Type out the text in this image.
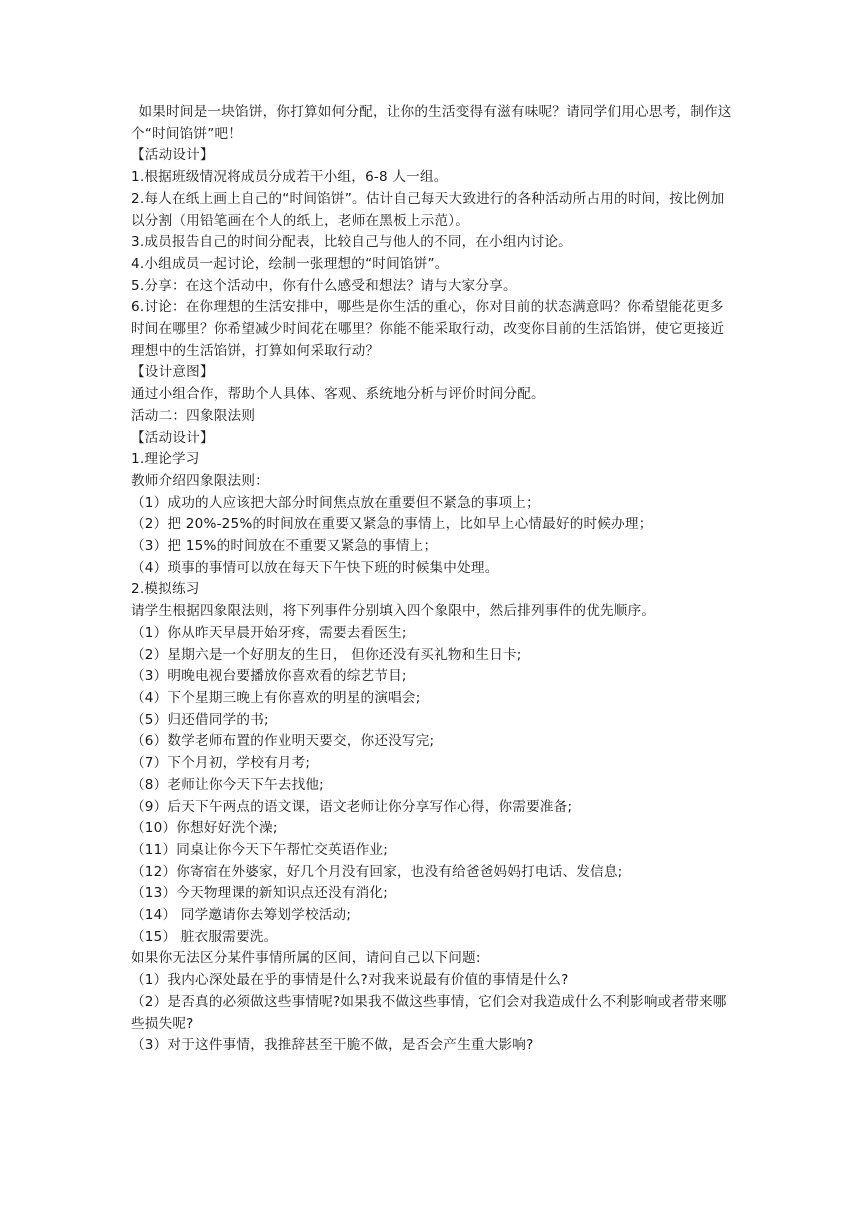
如果时间是一块馅饼，你打算如何分配，让你的生活变得有滋有味呢？请同学们用心思考，制作这个“时间馅饼”吧！

【活动设计】

1.根据班级情况将成员分成若干小组，6-8 人一组。

2.每人在纸上画上自己的“时间馅饼”。估计自己每天大致进行的各种活动所占用的时间，按比例加以分割（用铅笔画在个人的纸上，老师在黑板上示范）。

3.成员报告自己的时间分配表，比较自己与他人的不同，在小组内讨论。

4.小组成员一起讨论，绘制一张理想的“时间馅饼”。

5.分享：在这个活动中，你有什么感受和想法？请与大家分享。

6.讨论：在你理想的生活安排中，哪些是你生活的重心，你对目前的状态满意吗？你希望能花更多时间在哪里？你希望减少时间花在哪里？你能不能采取行动，改变你目前的生活馅饼，使它更接近理想中的生活馅饼，打算如何采取行动？

【设计意图】

通过小组合作，帮助个人具体、客观、系统地分析与评价时间分配。

活动二：四象限法则

【活动设计】

1.理论学习

教师介绍四象限法则：

（1）成功的人应该把大部分时间焦点放在重要但不紧急的事项上；

（2）把 20%-25%的时间放在重要又紧急的事情上，比如早上心情最好的时候办理；

（3）把 15%的时间放在不重要又紧急的事情上；

（4）琐事的事情可以放在每天下午快下班的时候集中处理。

2.模拟练习

请学生根据四象限法则，将下列事件分别填入四个象限中，然后排列事件的优先顺序。

（1）你从昨天早晨开始牙疼，需要去看医生;

（2）星期六是一个好朋友的生日， 但你还没有买礼物和生日卡;

（3）明晚电视台要播放你喜欢看的综艺节目;

（4）下个星期三晚上有你喜欢的明星的演唱会;

（5）归还借同学的书;

（6）数学老师布置的作业明天要交，你还没写完;

（7）下个月初，学校有月考;

（8）老师让你今天下午去找他;

（9）后天下午两点的语文课，语文老师让你分享写作心得，你需要准备;

（10）你想好好洗个澡;

（11）同桌让你今天下午帮忙交英语作业;

（12）你寄宿在外婆家，好几个月没有回家，也没有给爸爸妈妈打电话、发信息;

（13）今天物理课的新知识点还没有消化;

（14） 同学邀请你去筹划学校活动;

（15） 脏衣服需要洗。

如果你无法区分某件事情所属的区间，请问自己以下问题:

（1）我内心深处最在乎的事情是什么?对我来说最有价值的事情是什么?

（2）是否真的必须做这些事情呢?如果我不做这些事情，它们会对我造成什么不利影响或者带来哪些损失呢?

（3）对于这件事情，我推辞甚至干脆不做，是否会产生重大影响?
